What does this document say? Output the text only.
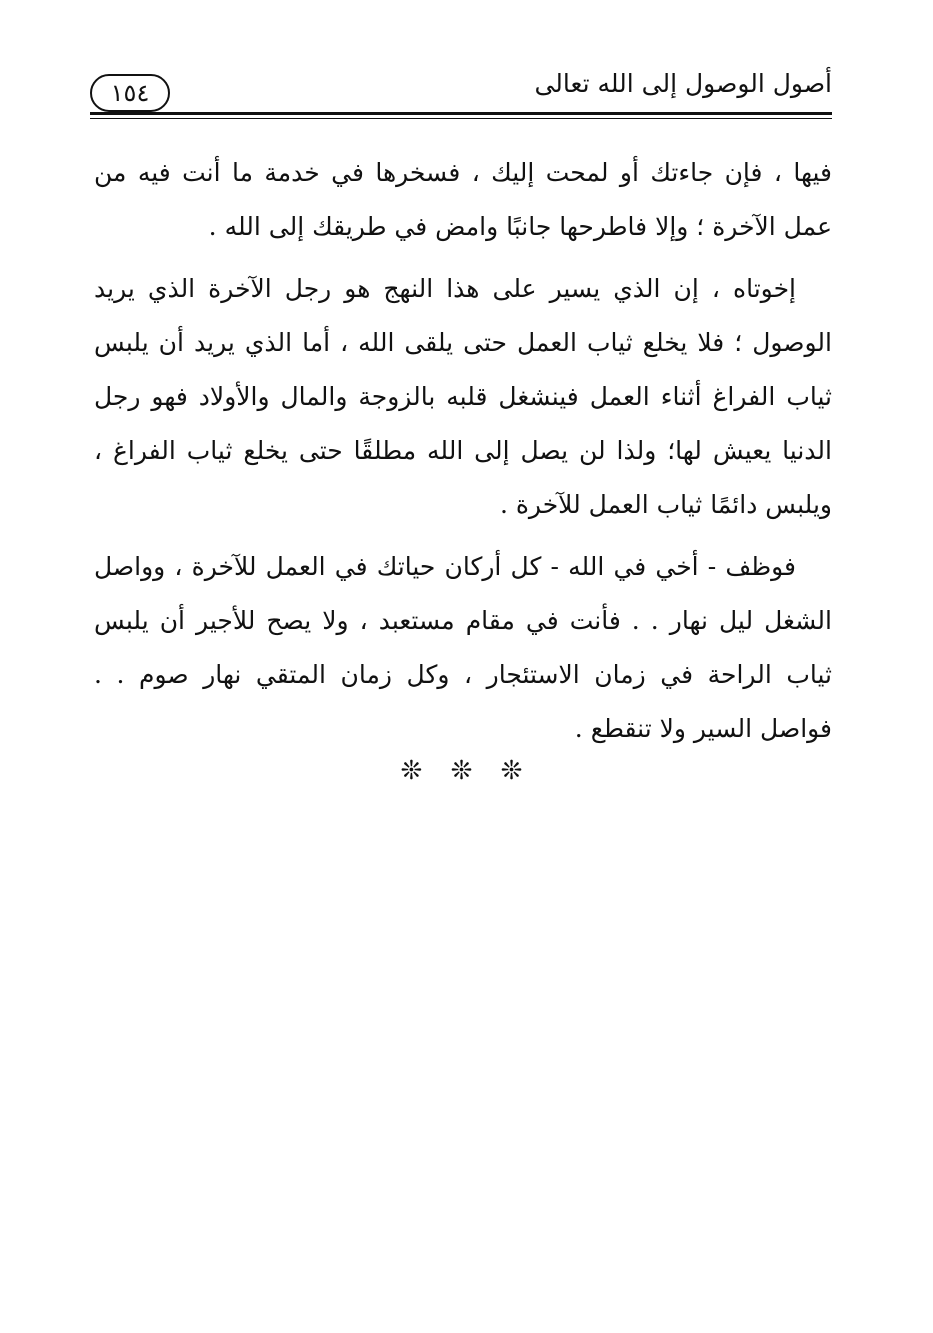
أصول الوصول إلى الله تعالى
١٥٤

فيها ، فإن جاءتك أو لمحت إليك ، فسخرها في خدمة ما أنت فيه من عمل الآخرة ؛ وإلا فاطرحها جانبًا وامض في طريقك إلى الله .

إخوتاه ، إن الذي يسير على هذا النهج هو رجل الآخرة الذي يريد الوصول ؛ فلا يخلع ثياب العمل حتى يلقى الله ، أما الذي يريد أن يلبس ثياب الفراغ أثناء العمل فينشغل قلبه بالزوجة والمال والأولاد فهو رجل الدنيا يعيش لها؛ ولذا لن يصل إلى الله مطلقًا حتى يخلع ثياب الفراغ ، ويلبس دائمًا ثياب العمل للآخرة .

فوظف - أخي في الله - كل أركان حياتك في العمل للآخرة ، وواصل الشغل ليل نهار . . فأنت في مقام مستعبد ، ولا يصح للأجير أن يلبس ثياب الراحة في زمان الاستئجار ، وكل زمان المتقي نهار صوم . . فواصل السير ولا تنقطع .

❊ ❊ ❊
